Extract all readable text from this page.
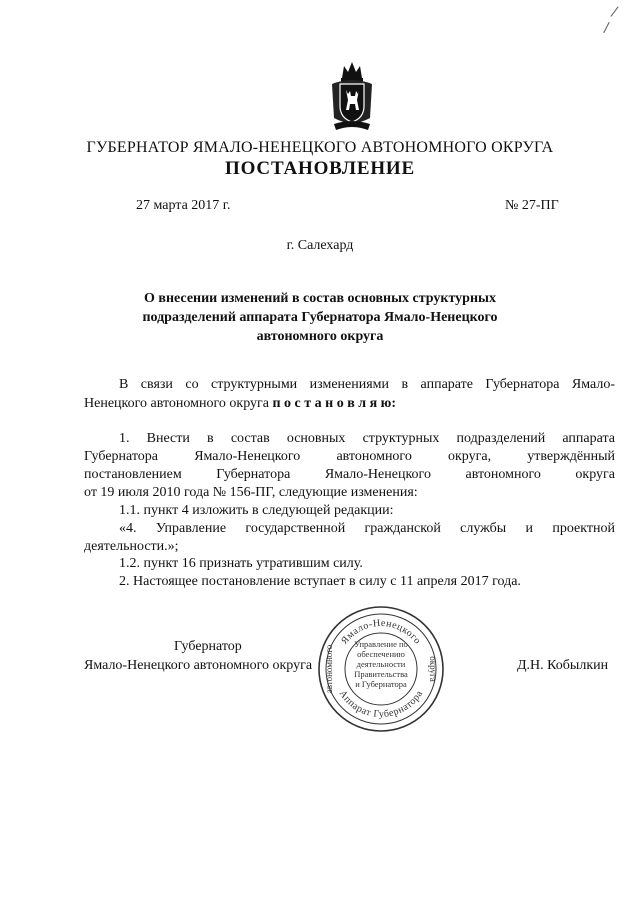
/
/
ГУБЕРНАТОР ЯМАЛО-НЕНЕЦКОГО АВТОНОМНОГО ОКРУГА
ПОСТАНОВЛЕНИЕ
27 марта 2017 г.	№ 27-ПГ
г. Салехард
О внесении изменений в состав основных структурных
подразделений аппарата Губернатора Ямало-Ненецкого
автономного округа
В связи со структурными изменениями в аппарате Губернатора Ямало-
Ненецкого автономного округа п о с т а н о в л я ю:
1. Внести в состав основных структурных подразделений аппарата
Губернатора Ямало-Ненецкого автономного округа, утверждённый
постановлением Губернатора Ямало-Ненецкого автономного округа
от 19 июля 2010 года № 156-ПГ, следующие изменения:
1.1. пункт 4 изложить в следующей редакции:
«4. Управление государственной гражданской службы и проектной
деятельности.»;
1.2. пункт 16 признать утратившим силу.
2. Настоящее постановление вступает в силу с 11 апреля 2017 года.
Губернатор
Ямало-Ненецкого автономного округа	Д.Н. Кобылкин
Ямало-Ненецкого
Аппарат Губернатора
автономного	округа
Управление по
обеспечению
деятельности
Правительства
и Губернатора
